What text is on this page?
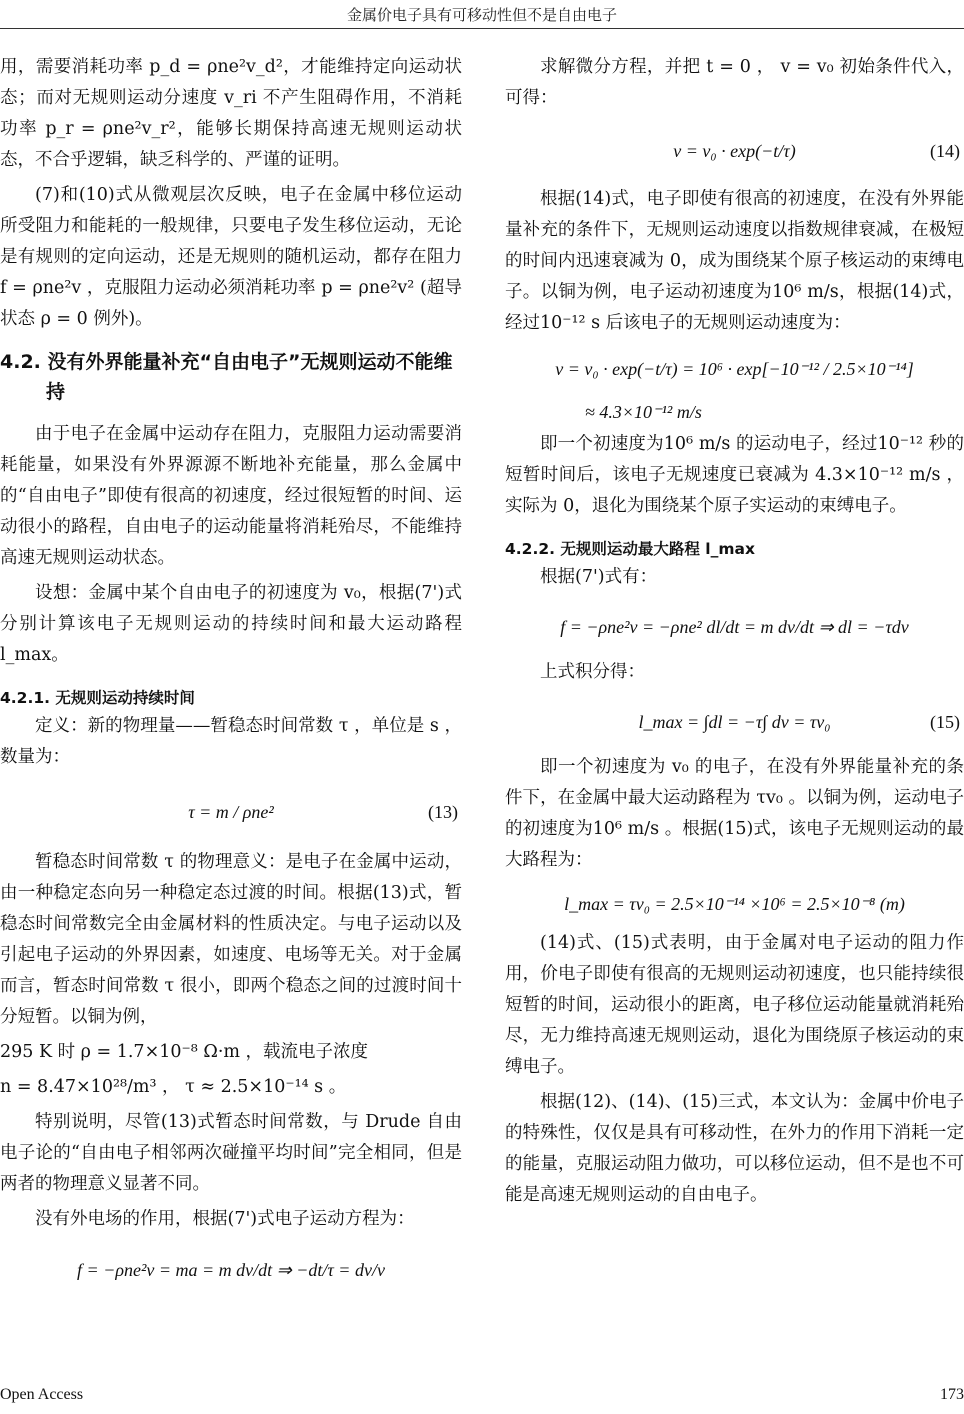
金属价电子具有可移动性但不是自由电子

用，需要消耗功率 p_d = ρne²v_d²，才能维持定向运动状态；而对无规则运动分速度 v_ri 不产生阻碍作用，不消耗功率 p_r = ρne²v_r²，能够长期保持高速无规则运动状态，不合乎逻辑，缺乏科学的、严谨的证明。

(7)和(10)式从微观层次反映，电子在金属中移位运动所受阻力和能耗的一般规律，只要电子发生移位运动，无论是有规则的定向运动，还是无规则的随机运动，都存在阻力 f = ρne²v ，克服阻力运动必须消耗功率 p = ρne²v² (超导状态 ρ = 0 例外)。

4.2. 没有外界能量补充“自由电子”无规则运动不能维持

由于电子在金属中运动存在阻力，克服阻力运动需要消耗能量，如果没有外界源源不断地补充能量，那么金属中的“自由电子”即使有很高的初速度，经过很短暂的时间、运动很小的路程，自由电子的运动能量将消耗殆尽，不能维持高速无规则运动状态。

设想：金属中某个自由电子的初速度为 v₀，根据(7')式分别计算该电子无规则运动的持续时间和最大运动路程 l_max。

4.2.1. 无规则运动持续时间

定义：新的物理量——暂稳态时间常数 τ ，单位是 s ，数量为：

τ = m / ρne²	(13)

暂稳态时间常数 τ 的物理意义：是电子在金属中运动，由一种稳定态向另一种稳定态过渡的时间。根据(13)式，暂稳态时间常数完全由金属材料的性质决定。与电子运动以及引起电子运动的外界因素，如速度、电场等无关。对于金属而言，暂态时间常数 τ 很小，即两个稳态之间的过渡时间十分短暂。以铜为例，

295 K 时 ρ = 1.7×10⁻⁸ Ω·m ，载流电子浓度

n = 8.47×10²⁸/m³ ， τ ≈ 2.5×10⁻¹⁴ s 。

特别说明，尽管(13)式暂态时间常数，与 Drude 自由电子论的“自由电子相邻两次碰撞平均时间”完全相同，但是两者的物理意义显著不同。

没有外电场的作用，根据(7')式电子运动方程为：

f = −ρne²v = ma = m dv/dt ⇒ −dt/τ = dv/v

求解微分方程，并把 t = 0 ， v = v₀ 初始条件代入，可得：

v = v₀ · exp(−t/τ)	(14)

根据(14)式，电子即使有很高的初速度，在没有外界能量补充的条件下，无规则运动速度以指数规律衰减，在极短的时间内迅速衰减为 0，成为围绕某个原子核运动的束缚电子。以铜为例，电子运动初速度为10⁶ m/s，根据(14)式，经过10⁻¹² s 后该电子的无规则运动速度为：

v = v₀ · exp(−t/τ) = 10⁶ · exp[−10⁻¹² / 2.5×10⁻¹⁴]
≈ 4.3×10⁻¹² m/s

即一个初速度为10⁶ m/s 的运动电子，经过10⁻¹² 秒的短暂时间后，该电子无规速度已衰减为 4.3×10⁻¹² m/s ，实际为 0，退化为围绕某个原子实运动的束缚电子。

4.2.2. 无规则运动最大路程 l_max

根据(7')式有：

f = −ρne²v = −ρne² dl/dt = m dv/dt ⇒ dl = −τdv

上式积分得：

l_max = ∫dl = −τ∫ dv = τv₀	(15)

即一个初速度为 v₀ 的电子，在没有外界能量补充的条件下，在金属中最大运动路程为 τv₀ 。以铜为例，运动电子的初速度为10⁶ m/s 。根据(15)式，该电子无规则运动的最大路程为：

l_max = τv₀ = 2.5×10⁻¹⁴ ×10⁶ = 2.5×10⁻⁸ (m)

(14)式、(15)式表明，由于金属对电子运动的阻力作用，价电子即使有很高的无规则运动初速度，也只能持续很短暂的时间，运动很小的距离，电子移位运动能量就消耗殆尽，无力维持高速无规则运动，退化为围绕原子核运动的束缚电子。

根据(12)、(14)、(15)三式，本文认为：金属中价电子的特殊性，仅仅是具有可移动性，在外力的作用下消耗一定的能量，克服运动阻力做功，可以移位运动，但不是也不可能是高速无规则运动的自由电子。

Open Access	173
